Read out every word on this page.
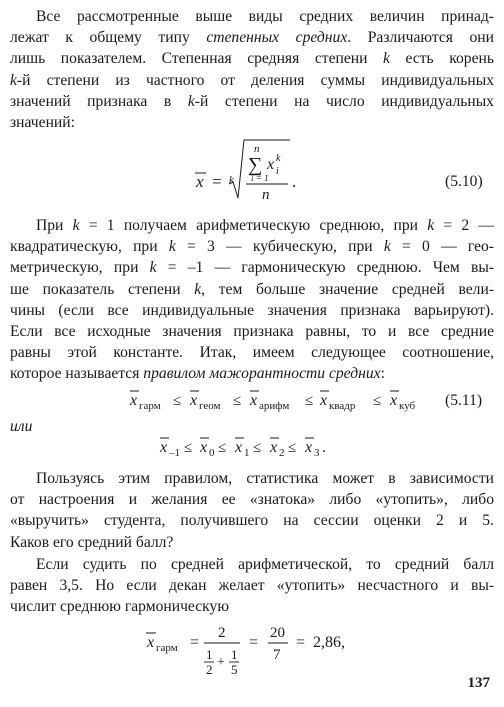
Все рассмотренные выше виды средних величин принад-
лежат к общему типу степенных средних. Различаются они
лишь показателем. Степенная средняя степени k есть корень
k-й степени из частного от деления суммы индивидуальных
значений признака в k-й степени на число индивидуальных
значений:
x = k
n
∑
i = 1
x i
k
n
.	(5.10)
При k = 1 получаем арифметическую среднюю, при k = 2 —
квадратическую, при k = 3 — кубическую, при k = 0 — гео-
метрическую, при k = –1 — гармоническую среднюю. Чем вы-
ше показатель степени k, тем больше значение средней вели-
чины (если все индивидуальные значения признака варьируют).
Если все исходные значения признака равны, то и все средние
равны этой константе. Итак, имеем следующее соотношение,
которое называется правилом мажорантности средних:
x гарм ≤ x геом ≤ x арифм ≤ x квадр ≤ x куб (5.11)
или
x –1 ≤ x 0 ≤ x 1 ≤ x 2 ≤ x 3 .
Пользуясь этим правилом, статистика может в зависимости
от настроения и желания ее «знатока» либо «утопить», либо
«выручить» студента, получившего на сессии оценки 2 и 5.
Каков его средний балл?
Если судить по средней арифметической, то средний балл
равен 3,5. Но если декан желает «утопить» несчастного и вы-
числит среднюю гармоническую
x гарм =
2
1
2 +
1
5
=
20
7
= 2,86,
137
